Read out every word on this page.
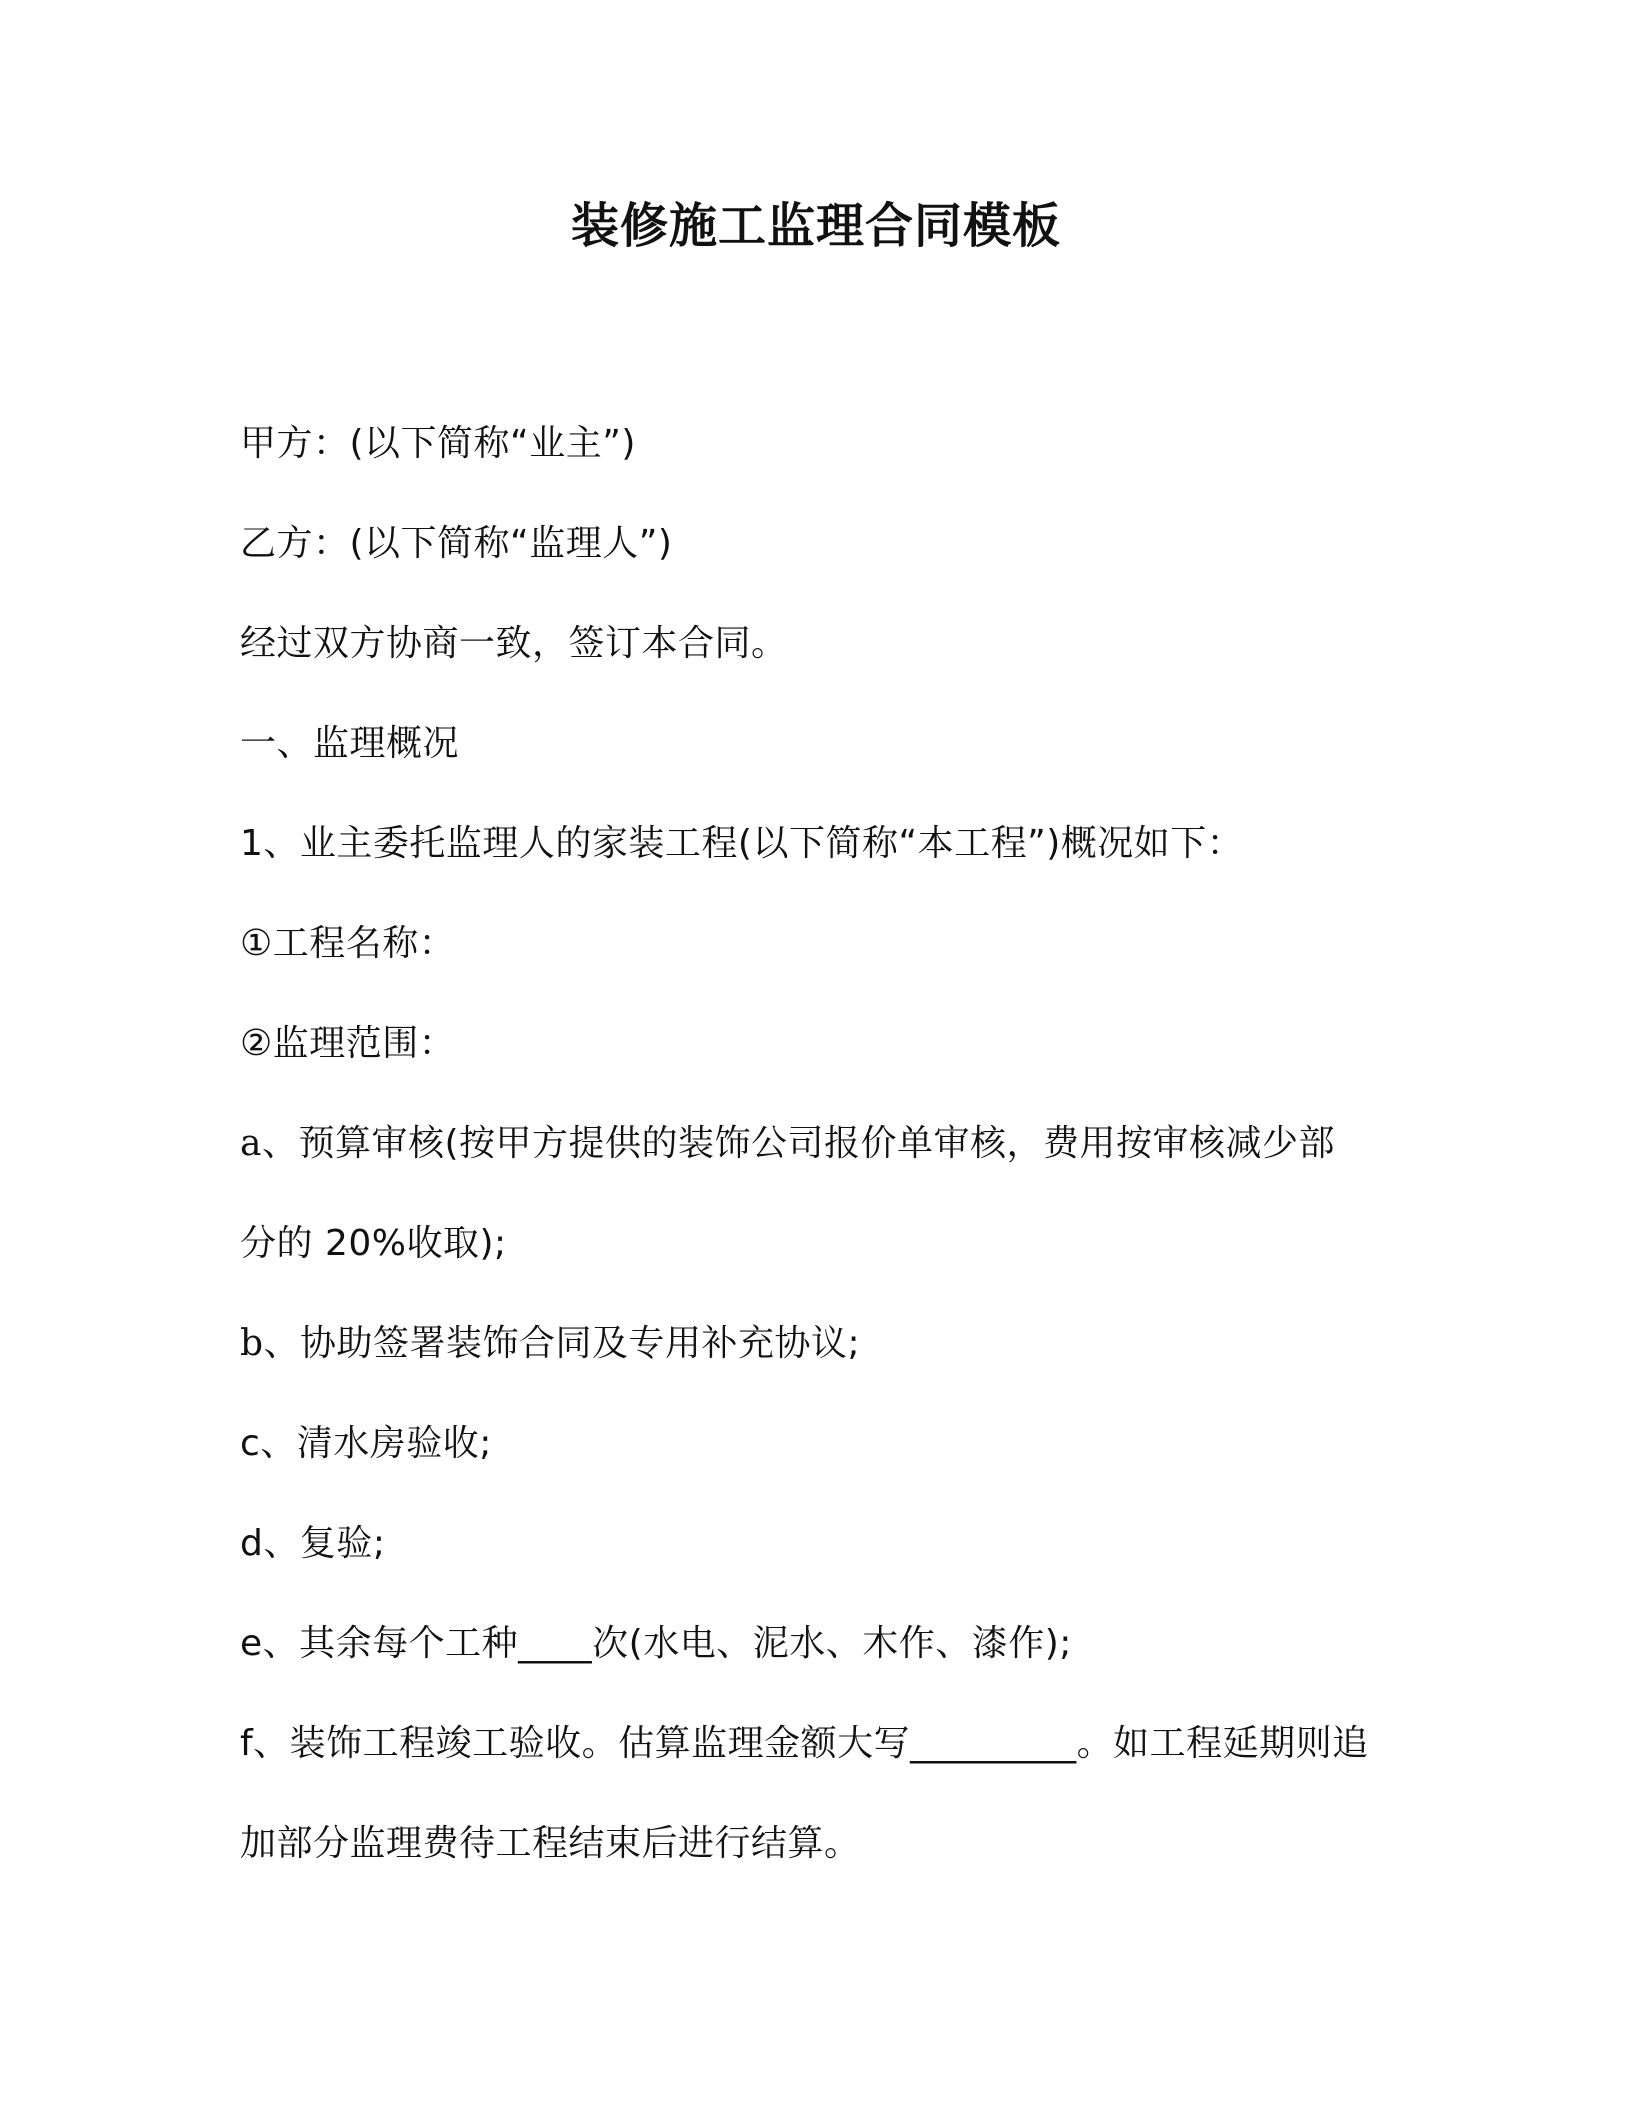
装修施工监理合同模板

甲方：(以下简称“业主”)

乙方：(以下简称“监理人”)

经过双方协商一致，签订本合同。

一、监理概况

1、业主委托监理人的家装工程(以下简称“本工程”)概况如下：

①工程名称：

②监理范围：

a、预算审核(按甲方提供的装饰公司报价单审核，费用按审核减少部

分的 20%收取);

b、协助签署装饰合同及专用补充协议;

c、清水房验收;

d、复验;

e、其余每个工种____次(水电、泥水、木作、漆作);

f、装饰工程竣工验收。估算监理金额大写_________。如工程延期则追

加部分监理费待工程结束后进行结算。
